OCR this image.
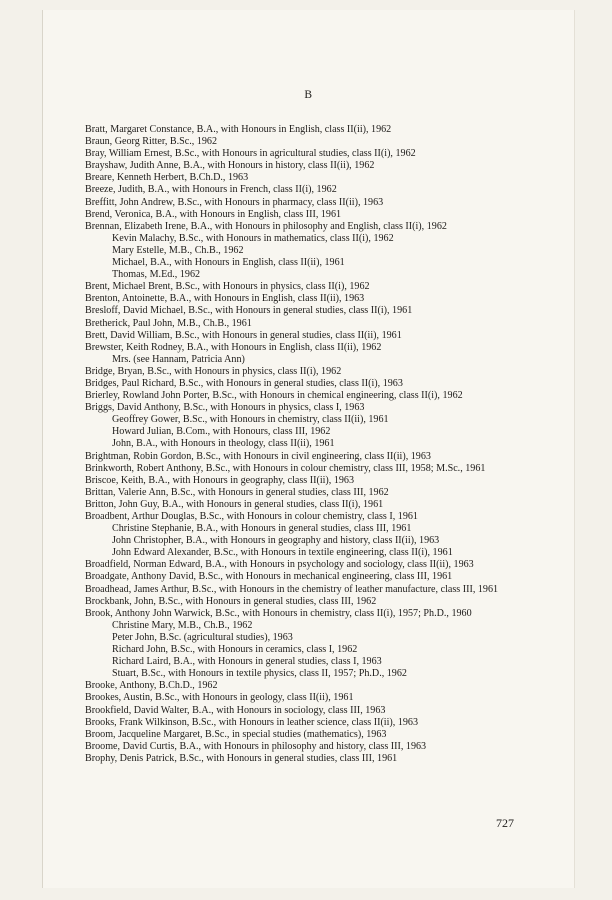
B
Bratt, Margaret Constance, B.A., with Honours in English, class II(ii), 1962
Braun, Georg Ritter, B.Sc., 1962
Bray, William Ernest, B.Sc., with Honours in agricultural studies, class II(i), 1962
Brayshaw, Judith Anne, B.A., with Honours in history, class II(ii), 1962
Breare, Kenneth Herbert, B.Ch.D., 1963
Breeze, Judith, B.A., with Honours in French, class II(i), 1962
Breffitt, John Andrew, B.Sc., with Honours in pharmacy, class II(ii), 1963
Brend, Veronica, B.A., with Honours in English, class III, 1961
Brennan, Elizabeth Irene, B.A., with Honours in philosophy and English, class II(i), 1962
Kevin Malachy, B.Sc., with Honours in mathematics, class II(i), 1962
Mary Estelle, M.B., Ch.B., 1962
Michael, B.A., with Honours in English, class II(ii), 1961
Thomas, M.Ed., 1962
Brent, Michael Brent, B.Sc., with Honours in physics, class II(i), 1962
Brenton, Antoinette, B.A., with Honours in English, class II(ii), 1963
Bresloff, David Michael, B.Sc., with Honours in general studies, class II(i), 1961
Bretherick, Paul John, M.B., Ch.B., 1961
Brett, David William, B.Sc., with Honours in general studies, class II(ii), 1961
Brewster, Keith Rodney, B.A., with Honours in English, class II(ii), 1962
Mrs. (see Hannam, Patricia Ann)
Bridge, Bryan, B.Sc., with Honours in physics, class II(i), 1962
Bridges, Paul Richard, B.Sc., with Honours in general studies, class II(i), 1963
Brierley, Rowland John Porter, B.Sc., with Honours in chemical engineering, class II(i), 1962
Briggs, David Anthony, B.Sc., with Honours in physics, class I, 1963
Geoffrey Gower, B.Sc., with Honours in chemistry, class II(ii), 1961
Howard Julian, B.Com., with Honours, class III, 1962
John, B.A., with Honours in theology, class II(ii), 1961
Brightman, Robin Gordon, B.Sc., with Honours in civil engineering, class II(ii), 1963
Brinkworth, Robert Anthony, B.Sc., with Honours in colour chemistry, class III, 1958; M.Sc., 1961
Briscoe, Keith, B.A., with Honours in geography, class II(ii), 1963
Brittan, Valerie Ann, B.Sc., with Honours in general studies, class III, 1962
Britton, John Guy, B.A., with Honours in general studies, class II(i), 1961
Broadbent, Arthur Douglas, B.Sc., with Honours in colour chemistry, class I, 1961
Christine Stephanie, B.A., with Honours in general studies, class III, 1961
John Christopher, B.A., with Honours in geography and history, class II(ii), 1963
John Edward Alexander, B.Sc., with Honours in textile engineering, class II(i), 1961
Broadfield, Norman Edward, B.A., with Honours in psychology and sociology, class II(ii), 1963
Broadgate, Anthony David, B.Sc., with Honours in mechanical engineering, class III, 1961
Broadhead, James Arthur, B.Sc., with Honours in the chemistry of leather manufacture, class III, 1961
Brockbank, John, B.Sc., with Honours in general studies, class III, 1962
Brook, Anthony John Warwick, B.Sc., with Honours in chemistry, class II(i), 1957; Ph.D., 1960
Christine Mary, M.B., Ch.B., 1962
Peter John, B.Sc. (agricultural studies), 1963
Richard John, B.Sc., with Honours in ceramics, class I, 1962
Richard Laird, B.A., with Honours in general studies, class I, 1963
Stuart, B.Sc., with Honours in textile physics, class II, 1957; Ph.D., 1962
Brooke, Anthony, B.Ch.D., 1962
Brookes, Austin, B.Sc., with Honours in geology, class II(ii), 1961
Brookfield, David Walter, B.A., with Honours in sociology, class III, 1963
Brooks, Frank Wilkinson, B.Sc., with Honours in leather science, class II(ii), 1963
Broom, Jacqueline Margaret, B.Sc., in special studies (mathematics), 1963
Broome, David Curtis, B.A., with Honours in philosophy and history, class III, 1963
Brophy, Denis Patrick, B.Sc., with Honours in general studies, class III, 1961
727
